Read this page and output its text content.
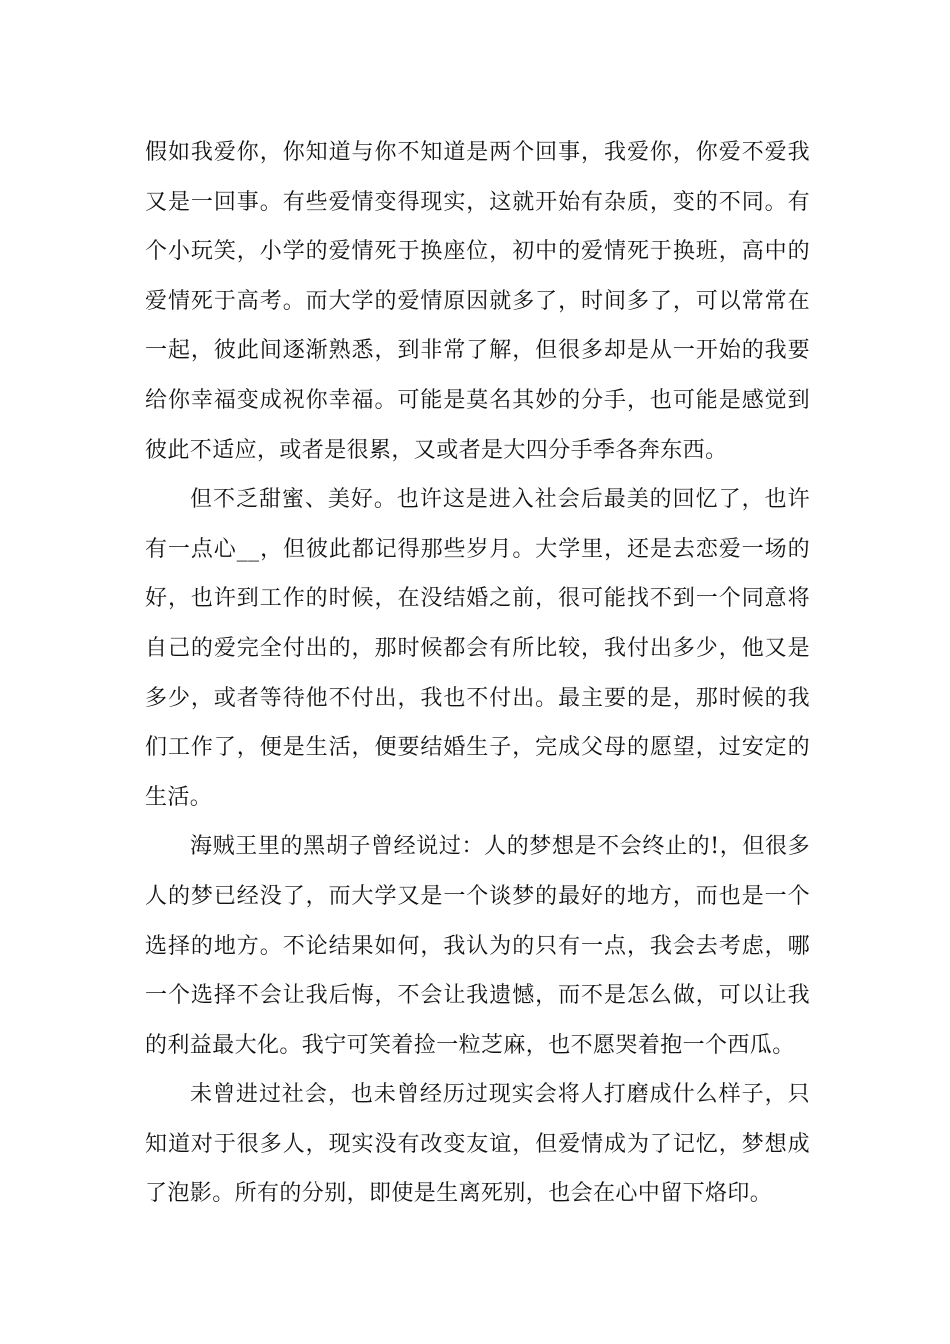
假如我爱你，你知道与你不知道是两个回事，我爱你，你爱不爱我
又是一回事。有些爱情变得现实，这就开始有杂质，变的不同。有
个小玩笑，小学的爱情死于换座位，初中的爱情死于换班，高中的
爱情死于高考。而大学的爱情原因就多了，时间多了，可以常常在
一起，彼此间逐渐熟悉，到非常了解，但很多却是从一开始的我要
给你幸福变成祝你幸福。可能是莫名其妙的分手，也可能是感觉到
彼此不适应，或者是很累，又或者是大四分手季各奔东西。
但不乏甜蜜、美好。也许这是进入社会后最美的回忆了，也许
有一点心__，但彼此都记得那些岁月。大学里，还是去恋爱一场的
好，也许到工作的时候，在没结婚之前，很可能找不到一个同意将
自己的爱完全付出的，那时候都会有所比较，我付出多少，他又是
多少，或者等待他不付出，我也不付出。最主要的是，那时候的我
们工作了，便是生活，便要结婚生子，完成父母的愿望，过安定的
生活。
海贼王里的黑胡子曾经说过：人的梦想是不会终止的!，但很多
人的梦已经没了，而大学又是一个谈梦的最好的地方，而也是一个
选择的地方。不论结果如何，我认为的只有一点，我会去考虑，哪
一个选择不会让我后悔，不会让我遗憾，而不是怎么做，可以让我
的利益最大化。我宁可笑着捡一粒芝麻，也不愿哭着抱一个西瓜。
未曾进过社会，也未曾经历过现实会将人打磨成什么样子，只
知道对于很多人，现实没有改变友谊，但爱情成为了记忆，梦想成
了泡影。所有的分别，即使是生离死别，也会在心中留下烙印。
